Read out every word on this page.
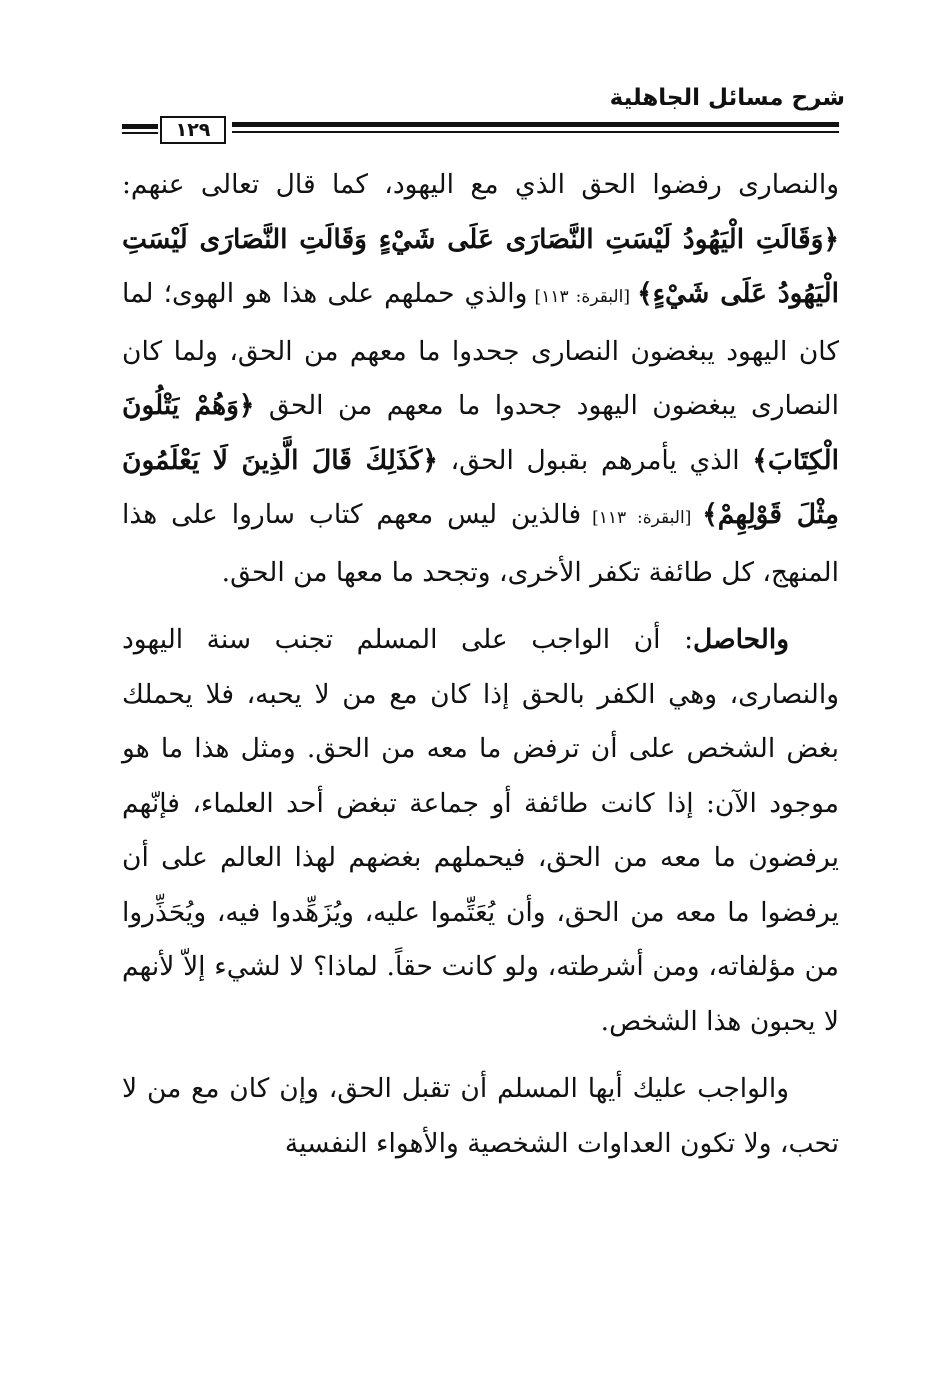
شرح مسائل الجاهلية
١٢٩

والنصارى رفضوا الحق الذي مع اليهود، كما قال تعالى عنهم: ﴿وَقَالَتِ الْيَهُودُ لَيْسَتِ النَّصَارَى عَلَى شَيْءٍ وَقَالَتِ النَّصَارَى لَيْسَتِ الْيَهُودُ عَلَى شَيْءٍ﴾ [البقرة: ١١٣] والذي حملهم على هذا هو الهوى؛ لما كان اليهود يبغضون النصارى جحدوا ما معهم من الحق، ولما كان النصارى يبغضون اليهود جحدوا ما معهم من الحق ﴿وَهُمْ يَتْلُونَ الْكِتَابَ﴾ الذي يأمرهم بقبول الحق، ﴿كَذَلِكَ قَالَ الَّذِينَ لَا يَعْلَمُونَ مِثْلَ قَوْلِهِمْ﴾ [البقرة: ١١٣] فالذين ليس معهم كتاب ساروا على هذا المنهج، كل طائفة تكفر الأخرى، وتجحد ما معها من الحق.

والحاصل: أن الواجب على المسلم تجنب سنة اليهود والنصارى، وهي الكفر بالحق إذا كان مع من لا يحبه، فلا يحملك بغض الشخص على أن ترفض ما معه من الحق. ومثل هذا ما هو موجود الآن: إذا كانت طائفة أو جماعة تبغض أحد العلماء، فإنّهم يرفضون ما معه من الحق، فيحملهم بغضهم لهذا العالم على أن يرفضوا ما معه من الحق، وأن يُعَتِّموا عليه، ويُزَهِّدوا فيه، ويُحَذِّروا من مؤلفاته، ومن أشرطته، ولو كانت حقاً. لماذا؟ لا لشيء إلاّ لأنهم لا يحبون هذا الشخص.

والواجب عليك أيها المسلم أن تقبل الحق، وإن كان مع من لا تحب، ولا تكون العداوات الشخصية والأهواء النفسية
